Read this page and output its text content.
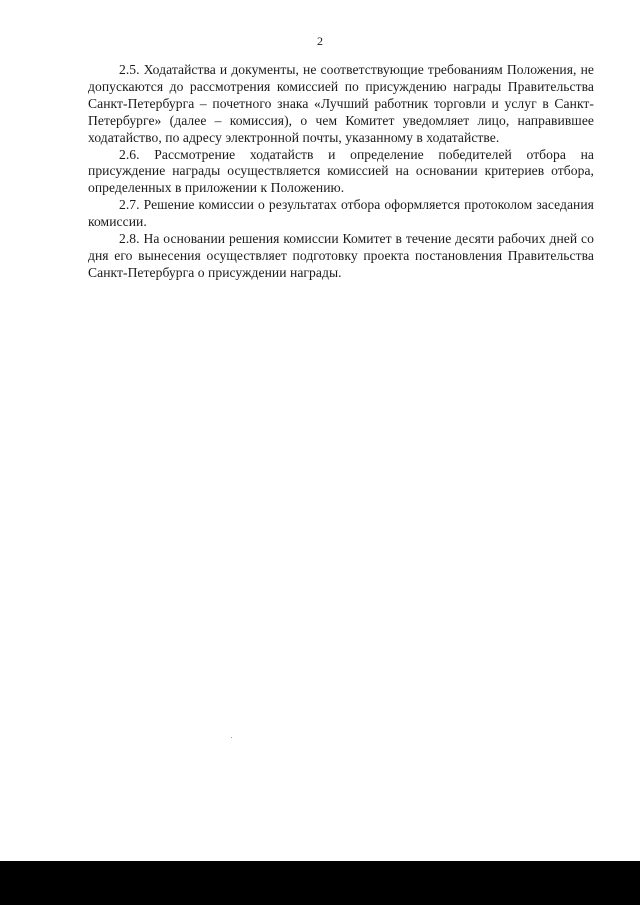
2

2.5. Ходатайства и документы, не соответствующие требованиям Положения, не допускаются до рассмотрения комиссией по присуждению награды Правительства Санкт-Петербурга – почетного знака «Лучший работник торговли и услуг в Санкт-Петербурге» (далее – комиссия), о чем Комитет уведомляет лицо, направившее ходатайство, по адресу электронной почты, указанному в ходатайстве.

2.6. Рассмотрение ходатайств и определение победителей отбора на присуждение награды осуществляется комиссией на основании критериев отбора, определенных в приложении к Положению.

2.7. Решение комиссии о результатах отбора оформляется протоколом заседания комиссии.

2.8. На основании решения комиссии Комитет в течение десяти рабочих дней со дня его вынесения осуществляет подготовку проекта постановления Правительства Санкт-Петербурга о присуждении награды.
